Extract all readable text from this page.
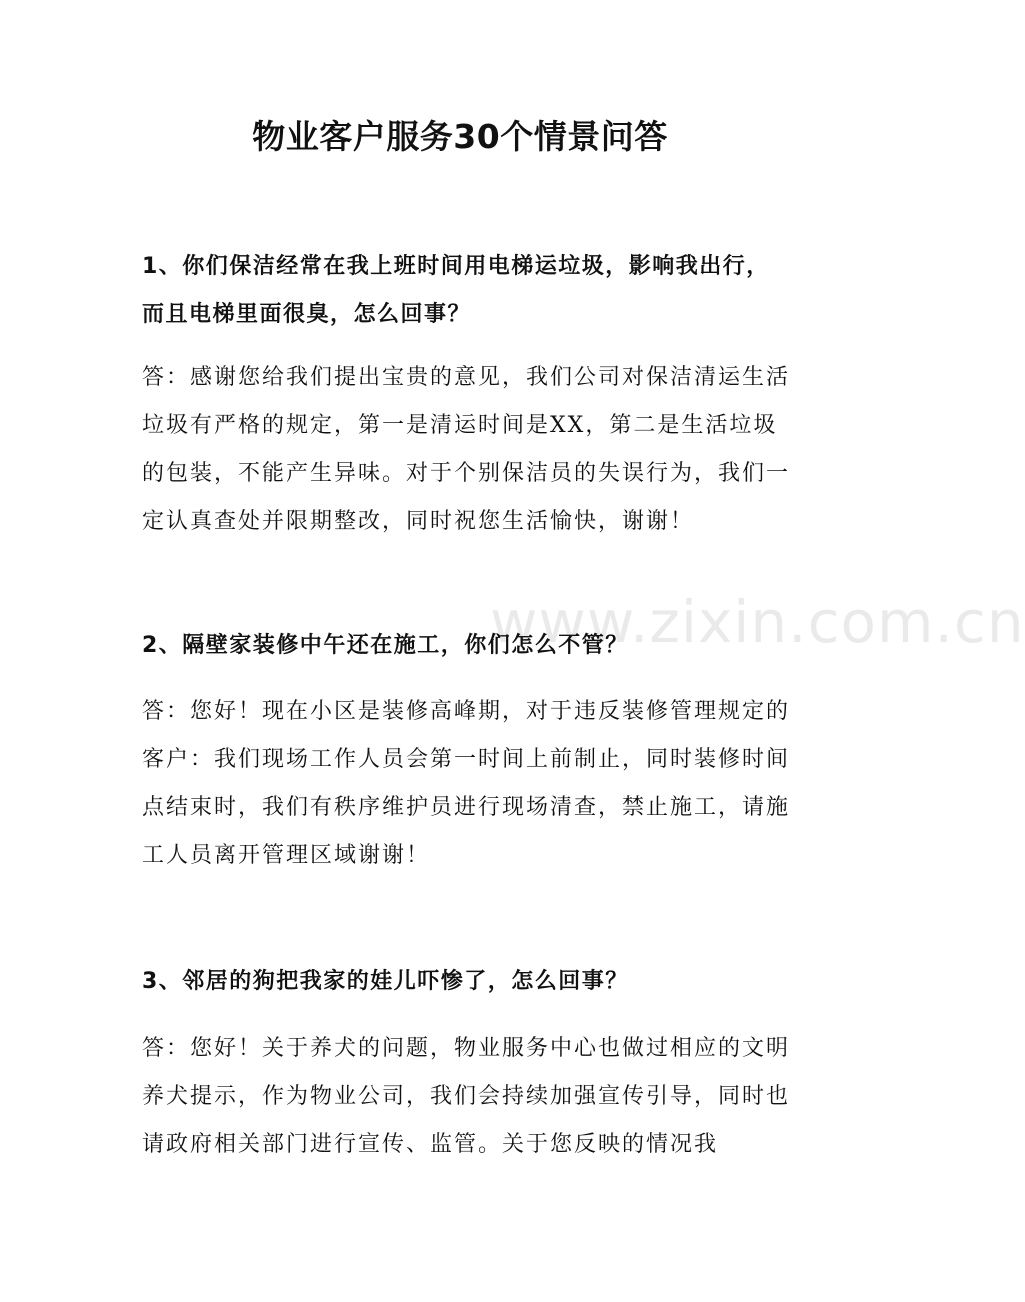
物业客户服务30个情景问答
www.zixin.com.cn

1、你们保洁经常在我上班时间用电梯运垃圾，影响我出行，而且电梯里面很臭，怎么回事？

答：感谢您给我们提出宝贵的意见，我们公司对保洁清运生活垃圾有严格的规定，第一是清运时间是XX，第二是生活垃圾的包装，不能产生异味。对于个别保洁员的失误行为，我们一定认真查处并限期整改，同时祝您生活愉快，谢谢！

2、隔壁家装修中午还在施工，你们怎么不管？

答：您好！现在小区是装修高峰期，对于违反装修管理规定的客户：我们现场工作人员会第一时间上前制止，同时装修时间点结束时，我们有秩序维护员进行现场清查，禁止施工，请施工人员离开管理区域谢谢！

3、邻居的狗把我家的娃儿吓惨了，怎么回事？

答：您好！关于养犬的问题，物业服务中心也做过相应的文明养犬提示，作为物业公司，我们会持续加强宣传引导，同时也请政府相关部门进行宣传、监管。关于您反映的情况我
